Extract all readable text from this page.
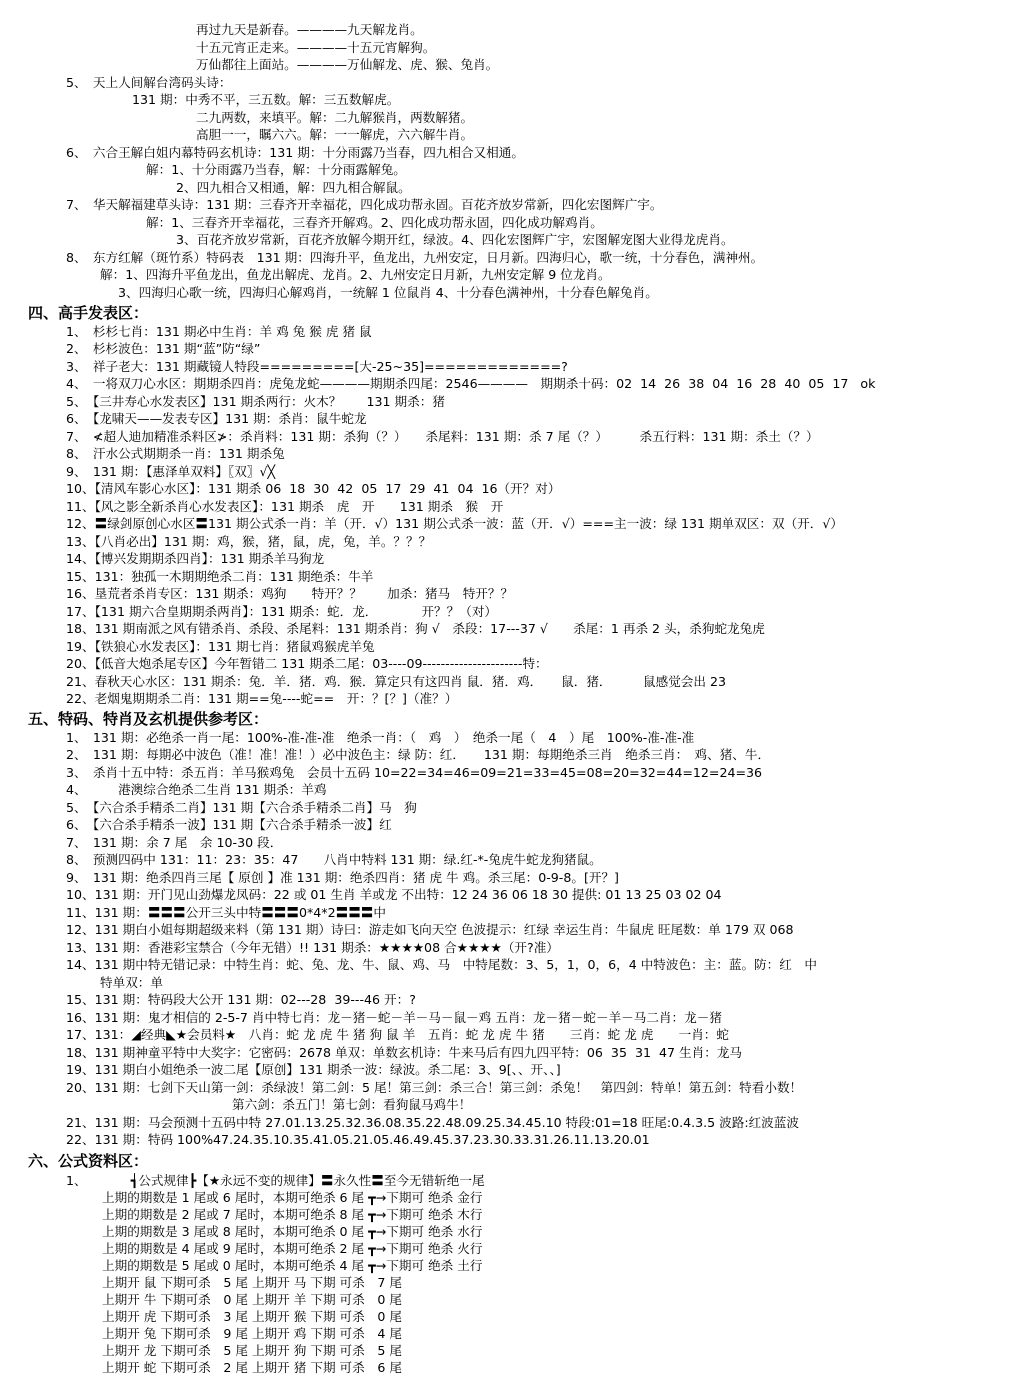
再过九天是新春。————九天解龙肖。
十五元宵正走来。————十五元宵解狗。
万仙都往上面站。————万仙解龙、虎、猴、兔肖。
5、　天上人间解台湾码头诗：
131 期：中秀不平，三五数。解：三五数解虎。
二九两数，来填平。解：二九解猴肖，两数解猪。
高胆一一，瞩六六。解：一一解虎，六六解牛肖。
6、　六合王解白姐内幕特码玄机诗：131 期：十分雨露乃当春，四九相合又相通。
解：1、十分雨露乃当春，解：十分雨露解兔。
2、四九相合又相通，解：四九相合解鼠。
7、　华天解福建草头诗：131 期：三春齐开幸福花，四化成功帮永固。百花齐放岁常新，四化宏图辉广宇。
解：1、三春齐开幸福花，三春齐开解鸡。2、四化成功帮永固，四化成功解鸡肖。
3、百花齐放岁常新，百花齐放解今期开红，绿波。4、四化宏图辉广宇，宏图解宠图大业得龙虎肖。
8、　东方红解（斑竹系）特码表　131 期：四海升平，鱼龙出，九州安定，日月新。四海归心，歌一统，十分春色，满神州。
解：1、四海升平鱼龙出，鱼龙出解虎、龙肖。2、九州安定日月新，九州安定解 9 位龙肖。
3、四海归心歌一统，四海归心解鸡肖，一统解 1 位鼠肖 4、十分春色满神州，十分春色解兔肖。
四、高手发表区：
1、　杉杉七肖：131 期必中生肖：羊 鸡 兔 猴 虎 猪 鼠
2、　杉杉波色：131 期“蓝”防“绿”
3、　祥子老大：131 期藏镜人特段=========[大-25~35]=============?
4、　一将双刀心水区：期期杀四肖：虎兔龙蛇————期期杀四尾：2546————　期期杀十码：02  14  26  38  04  16  28  40  05  17   ok
5、　【三井寿心水发表区】131 期杀两行：火木？　　131 期杀：猪
6、　【龙啸天——发表专区】131 期：杀肖：鼠牛蛇龙
7、　≮超人迪加精准杀料区≯：杀肖料：131 期：杀狗（？）　　杀尾料：131 期：杀 7 尾（？）　　　杀五行料：131 期：杀土（？）
8、　汗水公式期期杀一肖：131 期杀兔
9、　131 期：【惠泽单双料】〖双〗√╳
10、【清风车影心水区】：131 期杀 06  18  30  42  05  17  29  41  04  16（开？对）
11、【风之影全新杀肖心水发表区】：131 期杀　虎　开　　131 期杀　猴　开
12、〓绿剑原创心水区〓131 期公式杀一肖：羊（开．√）131 期公式杀一波：蓝（开．√）===主一波：绿 131 期单双区：双（开．√）
13、【八肖必出】131 期：鸡，猴，猪，鼠，虎，兔，羊。？？？
14、【博兴发期期杀四肖】：131 期杀羊马狗龙
15、131：独孤一木期期绝杀二肖：131 期绝杀：牛羊
16、垦荒者杀肖专区：131 期杀：鸡狗　　特开？？　　加杀：猪马　特开？？
17、【131 期六合皇期期杀两肖】：131 期杀：蛇．龙．　　　　开？？（对）
18、131 期南派之风有错杀肖、杀段、杀尾料：131 期杀肖：狗 √　杀段：17---37 √　　杀尾：1 再杀 2 头，杀狗蛇龙兔虎
19、【铁狼心水发表区】：131 期七肖：猪鼠鸡猴虎羊兔
20、【低音大炮杀尾专区】今年暂错二 131 期杀二尾：03----09----------------------特：
21、春秋天心水区：131 期杀：兔．羊．猪．鸡．猴．算定只有这四肖 鼠．猪．鸡．　　鼠．猪．　　　鼠感觉会出 23
22、老烟鬼期期杀二肖：131 期==兔----蛇==　开：？[？]（准？）
五、特码、特肖及玄机提供参考区：
1、　131 期：必绝杀一肖一尾：100%-准-准-准　绝杀一肖：（　鸡　）　绝杀一尾（　4　）尾　100%-准-准-准
2、　131 期：每期必中波色（准！准！准！）必中波色主：绿 防：红．　　131 期：每期绝杀三肖　绝杀三肖：　鸡、猪、牛．
3、　杀肖十五中特：杀五肖：羊马猴鸡兔　会员十五码 10=22=34=46=09=21=33=45=08=20=32=44=12=24=36
4、　　　港澳综合绝杀二生肖 131 期杀：羊鸡
5、　【六合杀手精杀二肖】131 期【六合杀手精杀二肖】马　狗
6、　【六合杀手精杀一波】131 期【六合杀手精杀一波】红
7、　131 期：余 7 尾　余 10-30 段．
8、　预测四码中 131：11：23：35：47　　八肖中特料 131 期：绿.红-*-兔虎牛蛇龙狗猪鼠。
9、　131 期：绝杀四肖三尾【 原创 】准 131 期：绝杀四肖：猪 虎 牛 鸡。杀三尾：0-9-8。[开？]
10、131 期：开门见山劲爆龙凤码：22 或 01 生肖 羊或龙 不出特：12 24 36 06 18 30 提供: 01 13 25 03 02 04
11、131 期：〓〓〓公开三头中特〓〓〓0*4*2〓〓〓中
12、131 期白小姐每期超级来料（第 131 期）诗曰：游走如飞向天空 色波提示：红绿 幸运生肖：牛鼠虎 旺尾数：单 179 双 068
13、131 期：香港彩宝禁合（今年无错）!! 131 期杀：★★★★08 合★★★★（开?准）
14、131 期中特无错记录：中特生肖：蛇、兔、龙、牛、鼠、鸡、马　中特尾数：3、5，1，0，6，4 中特波色：主：蓝。防：红　中
特单双：单
15、131 期：特码段大公开 131 期：02---28  39---46 开：?
16、131 期：鬼才相信的 2-5-7 肖中特七肖：龙－猪－蛇－羊－马－鼠－鸡 五肖：龙－猪－蛇－羊－马二肖：龙－猪
17、131：◢经典◣★会员料★　八肖：蛇 龙 虎 牛 猪 狗 鼠 羊　五肖：蛇 龙 虎 牛 猪　　三肖：蛇 龙 虎　　一肖：蛇
18、131 期神童平特中大奖字：它密码：2678 单双：单数玄机诗：牛来马后有四九四平特：06  35  31  47 生肖：龙马
19、131 期白小姐绝杀一波二尾【原创】131 期杀一波：绿波。杀二尾：3、9[、、开、、]
20、131 期：七剑下天山第一剑：杀绿波！第二剑：5 尾！第三剑：杀三合！第三剑：杀兔！　第四剑：特单！第五剑：特看小数！
第六剑：杀五门！第七剑：看狗鼠马鸡牛！
21、131 期：马会预测十五码中特 27.01.13.25.32.36.08.35.22.48.09.25.34.45.10 特段:01=18 旺尾:0.4.3.5 波路:红波蓝波
22、131 期：特码 100%47.24.35.10.35.41.05.21.05.46.49.45.37.23.30.33.31.26.11.13.20.01
六、公式资料区：
1、　　　　┪公式规律┣【★永远不变的规律】〓永久性〓至今无错斩绝一尾
上期的期数是 1 尾或 6 尾时，本期可绝杀 6 尾 ┳→下期可 绝杀 金行
上期的期数是 2 尾或 7 尾时，本期可绝杀 8 尾 ┳→下期可 绝杀 木行
上期的期数是 3 尾或 8 尾时，本期可绝杀 0 尾 ┳→下期可 绝杀 水行
上期的期数是 4 尾或 9 尾时，本期可绝杀 2 尾 ┳→下期可 绝杀 火行
上期的期数是 5 尾或 0 尾时，本期可绝杀 4 尾 ┳→下期可 绝杀 土行
上期开 鼠 下期可杀　5 尾 上期开 马 下期 可杀　7 尾
上期开 牛 下期可杀　0 尾 上期开 羊 下期 可杀　0 尾
上期开 虎 下期可杀　3 尾 上期开 猴 下期 可杀　0 尾
上期开 兔 下期可杀　9 尾 上期开 鸡 下期 可杀　4 尾
上期开 龙 下期可杀　5 尾 上期开 狗 下期 可杀　5 尾
上期开 蛇 下期可杀　2 尾 上期开 猪 下期 可杀　6 尾
